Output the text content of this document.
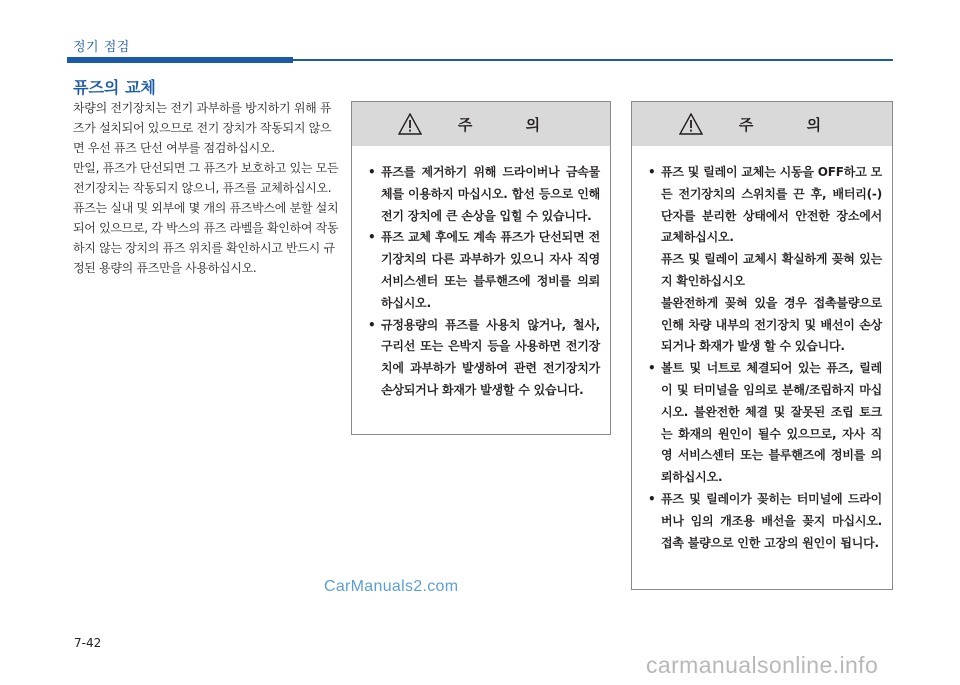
정기 점검
퓨즈의 교체

차량의 전기장치는 전기 과부하를 방지하기 위해 퓨즈가 설치되어 있으므로 전기 장치가 작동되지 않으면 우선 퓨즈 단선 여부를 점검하십시오.

만일, 퓨즈가 단선되면 그 퓨즈가 보호하고 있는 모든 전기장치는 작동되지 않으니, 퓨즈를 교체하십시오.

퓨즈는 실내 및 외부에 몇 개의 퓨즈박스에 분할 설치되어 있으므로, 각 박스의 퓨즈 라벨을 확인하여 작동하지 않는 장치의 퓨즈 위치를 확인하시고 반드시 규정된 용량의 퓨즈만을 사용하십시오.

주 의
• 퓨즈를 제거하기 위해 드라이버나 금속물체를 이용하지 마십시오. 합선 등으로 인해 전기 장치에 큰 손상을 입힐 수 있습니다.
• 퓨즈 교체 후에도 계속 퓨즈가 단선되면 전기장치의 다른 과부하가 있으니 자사 직영 서비스센터 또는 블루핸즈에 정비를 의뢰하십시오.
• 규정용량의 퓨즈를 사용치 않거나, 철사, 구리선 또는 은박지 등을 사용하면 전기장치에 과부하가 발생하여 관련 전기장치가 손상되거나 화재가 발생할 수 있습니다.
주 의
• 퓨즈 및 릴레이 교체는 시동을 OFF하고 모든 전기장치의 스위치를 끈 후, 배터리(-)단자를 분리한 상태에서 안전한 장소에서 교체하십시오.
퓨즈 및 릴레이 교체시 확실하게 꽂혀 있는지 확인하십시오
불완전하게 꽂혀 있을 경우 접촉불량으로 인해 차량 내부의 전기장치 및 배선이 손상되거나 화재가 발생 할 수 있습니다.
• 볼트 및 너트로 체결되어 있는 퓨즈, 릴레이 및 터미널을 임의로 분해/조립하지 마십시오. 불완전한 체결 및 잘못된 조립 토크는 화재의 원인이 될수 있으므로, 자사 직영 서비스센터 또는 블루핸즈에 정비를 의뢰하십시오.
• 퓨즈 및 릴레이가 꽂히는 터미널에 드라이버나 임의 개조용 배선을 꽂지 마십시오. 접촉 불량으로 인한 고장의 원인이 됩니다.
CarManuals2.com
7-42
carmanualsonline.info
